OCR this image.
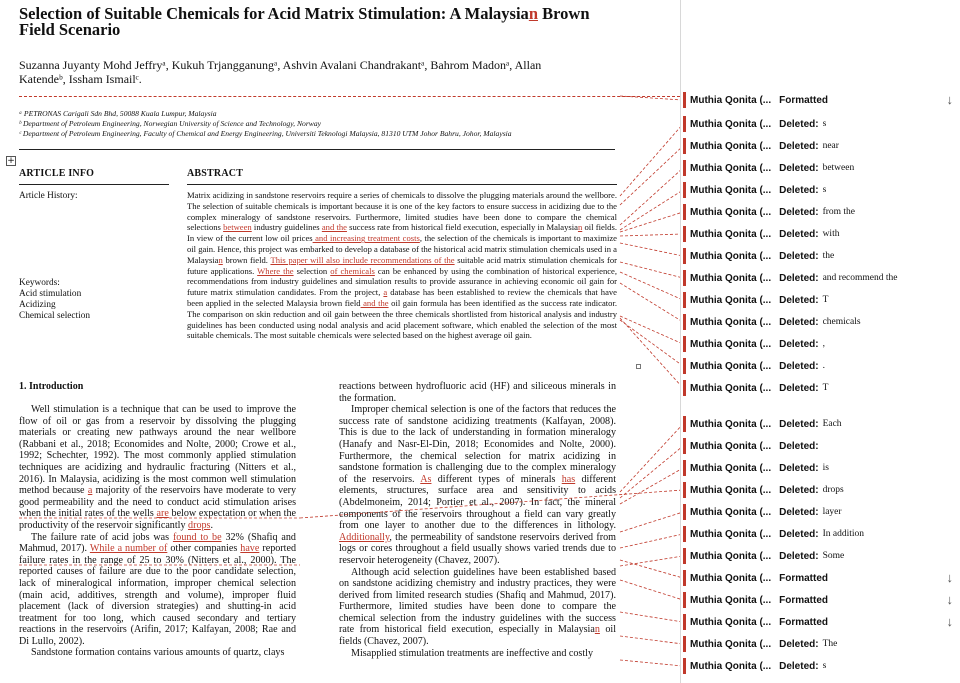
Selection of Suitable Chemicals for Acid Matrix Stimulation: A Malaysian Brown Field Scenario
Suzanna Juyanty Mohd Jeffryᵃ, Kukuh Trjangganungᵃ, Ashvin Avalani Chandrakantᵃ, Bahrom Madonᵃ, Allan Katendeᵇ, Issham Ismailᶜ.
ᵃ PETRONAS Carigali Sdn Bhd, 50088 Kuala Lumpur, Malaysia
ᵇ Department of Petroleum Engineering, Norwegian University of Science and Technology, Norway
ᶜ Department of Petroleum Engineering, Faculty of Chemical and Energy Engineering, Universiti Teknologi Malaysia, 81310 UTM Johor Bahru, Johor, Malaysia
+
ARTICLE INFO	ABSTRACT
Article History:
Keywords:
Acid stimulation
Acidizing
Chemical selection
Matrix acidizing in sandstone reservoirs require a series of chemicals to dissolve the plugging materials around the wellbore. The selection of suitable chemicals is important because it is one of the key factors to ensure success in acidizing due to the complex mineralogy of sandstone reservoirs. Furthermore, limited studies have been done to compare the chemical selections between industry guidelines and the success rate from historical field execution, especially in Malaysian oil fields. In view of the current low oil prices and increasing treatment costs, the selection of the chemicals is important to maximize oil gain. Hence, this project was embarked to develop a database of the historical acid matrix stimulation chemicals used in a Malaysian brown field. This paper will also include recommendations of the suitable acid matrix stimulation chemicals for future applications. Where the selection of chemicals can be enhanced by using the combination of historical experience, recommendations from industry guidelines and simulation results to provide assurance in achieving economic oil gain for future matrix stimulation candidates. From the project, a database has been established to review the chemicals that have been applied in the selected Malaysia brown field and the oil gain formula has been identified as the success rate indicator. The comparison on skin reduction and oil gain between the three chemicals shortlisted from historical analysis and industry guidelines has been conducted using nodal analysis and acid placement software, which enabled the selection of the most suitable chemicals. The most suitable chemicals were selected based on the highest average oil gain.
1. Introduction

Well stimulation is a technique that can be used to improve the flow of oil or gas from a reservoir by dissolving the plugging materials or creating new pathways around the near wellbore (Rabbani et al., 2018; Economides and Nolte, 2000; Crowe et al., 1992; Schechter, 1992). The most commonly applied stimulation techniques are acidizing and hydraulic fracturing (Nitters et al., 2016). In Malaysia, acidizing is the most common well stimulation method because a majority of the reservoirs have moderate to very good permeability and the need to conduct acid stimulation arises when the initial rates of the wells are below expectation or when the productivity of the reservoir significantly drops.

The failure rate of acid jobs was found to be 32% (Shafiq and Mahmud, 2017). While a number of other companies have reported failure rates in the range of 25 to 30% (Nitters et al., 2000). The reported causes of failure are due to the poor candidate selection, lack of mineralogical information, improper chemical selection (main acid, additives, strength and volume), improper fluid placement (lack of diversion strategies) and shutting-in acid treatment for too long, which caused secondary and tertiary reactions in the reservoirs (Arifin, 2017; Kalfayan, 2008; Rae and Di Lullo, 2002).

Sandstone formation contains various amounts of quartz, clays

reactions between hydrofluoric acid (HF) and siliceous minerals in the formation.

Improper chemical selection is one of the factors that reduces the success rate of sandstone acidizing treatments (Kalfayan, 2008). This is due to the lack of understanding in formation mineralogy (Hanafy and Nasr-El-Din, 2018; Economides and Nolte, 2000). Furthermore, the chemical selection for matrix acidizing in sandstone formation is challenging due to the complex mineralogy of the reservoirs. As different types of minerals has different elements, structures, surface area and sensitivity to acids (Abdelmoneim, 2014; Portier et al., 2007). In fact, the mineral components of the reservoirs throughout a field can vary greatly from one layer to another due to the differences in lithology. Additionally, the permeability of sandstone reservoirs derived from logs or cores throughout a field usually shows varied trends due to reservoir heterogeneity (Chavez, 2007).

Although acid selection guidelines have been established based on sandstone acidizing chemistry and industry practices, they were derived from limited research studies (Shafiq and Mahmud, 2017). Furthermore, limited studies have been done to compare the chemical selection from the industry guidelines with the success rate from historical field execution, especially in Malaysian oil fields (Chavez, 2007).

Misapplied stimulation treatments are ineffective and costly

Muthia Qonita (... Formatted	↓
Muthia Qonita (... Deleted: s
Muthia Qonita (... Deleted: near
Muthia Qonita (... Deleted: between
Muthia Qonita (... Deleted: s
Muthia Qonita (... Deleted: from the
Muthia Qonita (... Deleted: with
Muthia Qonita (... Deleted: the
Muthia Qonita (... Deleted: and recommend the
Muthia Qonita (... Deleted: T
Muthia Qonita (... Deleted: chemicals
Muthia Qonita (... Deleted: ,
Muthia Qonita (... Deleted: .
Muthia Qonita (... Deleted: T
Muthia Qonita (... Deleted: Each
Muthia Qonita (... Deleted:
Muthia Qonita (... Deleted: is
Muthia Qonita (... Deleted: drops
Muthia Qonita (... Deleted: layer
Muthia Qonita (... Deleted: In addition
Muthia Qonita (... Deleted: Some
Muthia Qonita (... Formatted	↓
Muthia Qonita (... Formatted	↓
Muthia Qonita (... Formatted	↓
Muthia Qonita (... Deleted: The
Muthia Qonita (... Deleted: s
